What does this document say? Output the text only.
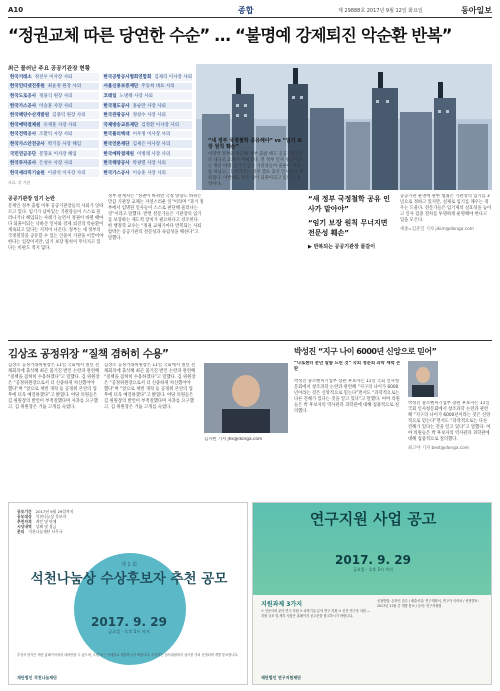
A10	종합	제 29888호 2017년 9월 12일 화요일	동아일보
“정권교체 따른 당연한 수순” … “불명예 강제퇴진 악순환 반복”
최근 물러난 주요 공공기관장 현황
한국거래소 정찬우 이사장 사퇴	한국공항공사협회연합회 김제리 이사장 사퇴
한국인터넷진흥원 최윤정 원장 사의	서울신용보증재단 주동희 대표 사의
한국도로공사 정용식 원장 사의	코레일 노병태 사장 사퇴
한국가스공사 이승훈 사장 사퇴	한국철도공사 홍순만 사장 사퇴
한국해양수산개발원 김종덕 원장 사의	한국관광공사 정창수 사장 사퇴
한국예탁결제원 유재훈 사장 사퇴	국제방송교류재단 김정환 이사장 사의
한국전력공사 조환익 사장 사퇴	한국폴리텍대 이우정 이사장 사의
한국가스안전공사 박기동 사장 해임	한국언론재단 김세은 이사장 사의
국민연금공단 문형표 이사장 해임	한국예탁결제원 이병래 사장 사의
한국투자공사 은성수 사장 사의	한국해양공사 박광렬 사장 사의
한국세라믹기술원 이광석 이사장 사의	한국가스공사 이승훈 사장 사의
자료: 각 기관
공공기관장 임기 논란
문재인 정부 출범 이후 공공기관장들의 사퇴가 잇따르고 있다. 임기가 남아있는 기관장들이 스스로 물러나거나 해임되는 사례가 늘면서 정권이 바뀔 때마다 되풀이되는 낙하산 인사와 강제 퇴진의 악순환이 계속되고 있다는 지적이 나온다. 정부는 새 정부의 국정철학을 공유할 수 있는 인물이 기관을 이끌어야 한다는 입장이지만, 임기 보장 원칙이 무너지고 있다는 비판도 적지 않다.
정부 관계자는 “정권이 바뀌면 국정 방향도 바뀌는 만큼 기관장 교체는 자연스러운 일”이라며 “과거 정부에서 임명된 인사들이 스스로 판단해 물러나는 것”이라고 말했다. 반면 전문가들은 기관장의 임기를 보장하는 제도적 장치가 필요하다고 강조한다. 한 행정학 교수는 “정권 교체기마다 반복되는 사퇴 압박은 공공기관의 전문성과 독립성을 해친다”고 말했다.
“새 정부 국정철학 공유해야” vs “임기 보장 원칙 훼손”
이명박 정부와 박근혜 정부 출범 때도 공공기관장들의 대규모 교체가 이뤄졌다. 전 정부 인사 청산이라는 명분 아래 임기가 남은 기관장들이 줄줄이 자리를 떠났고, 그 빈자리는 대선 캠프 출신 인사들로 채워졌다. 이번에도 같은 일이 되풀이되고 있다는 지적이다.
“새 정부 국정철학 공유 인사가 맡아야”
“임기 보장 원칙 무너지면 전문성 훼손”
▶ 반복되는 공공기관장 물갈이
공공기관 운영에 관한 법률은 기관장의 임기를 3년으로 정하고 있지만, 실제로 임기를 채우는 경우는 드물다. 전문가들은 임기제의 실효성을 높이고 인사 검증 절차를 투명하게 운영해야 한다고 입을 모은다.
세종=김준일 기자 jikim@donga.com
김상조 공정위장 “질책 겸허히 수용”
김상조 공정거래위원장은 11일 국회에서 열린 전체회의에 출석해 최근 불거진 발언 논란과 관련해 “질책을 겸허히 수용하겠다”고 말했다. 김 위원장은 “공정위원장으로서 더 신중하게 처신했어야 했다”며 “앞으로 재벌 개혁 등 공정위 본연의 업무에 더욱 매진하겠다”고 밝혔다. 야당 의원들은 김 위원장의 발언이 부적절했다며 사과를 요구했고, 김 위원장은 거듭 고개를 숙였다.
김상조 공정거래위원장은 11일 국회에서 열린 전체회의에 출석해 최근 불거진 발언 논란과 관련해 “질책을 겸허히 수용하겠다”고 말했다. 김 위원장은 “공정위원장으로서 더 신중하게 처신했어야 했다”며 “앞으로 재벌 개혁 등 공정위 본연의 업무에 더욱 매진하겠다”고 밝혔다. 야당 의원들은 김 위원장의 발언이 부적절했다며 사과를 요구했고, 김 위원장은 거듭 고개를 숙였다.
김지현 기자 jhk@donga.com
박성진 “지구 나이 6000년 신앙으로 믿어”
“나로센터 분만 말씀 드린 것” 국회 청문회 과학 세력 논란
박성진 중소벤처기업부 장관 후보자는 11일 국회 인사청문회에서 창조과학 논란과 관련해 “지구의 나이가 6000년이라는 것은 신앙적으로 믿는다”면서도 “과학적으로는 다른 견해가 있다는 것을 알고 있다”고 말했다. 여야 의원들은 박 후보자의 역사관과 과학관에 대해 집중적으로 질의했다.
박성진 중소벤처기업부 장관 후보자는 11일 국회 인사청문회에서 창조과학 논란과 관련해 “지구의 나이가 6000년이라는 것은 신앙적으로 믿는다”면서도 “과학적으로는 다른 견해가 있다는 것을 알고 있다”고 말했다. 여야 의원들은 박 후보자의 역사관과 과학관에 대해 집중적으로 질의했다.
최고야 기자 best@donga.com
공모기간 2017년 9월 29일까지
공모대상 석천나눔상 후보자
추천자격 개인 및 단체
시상내역 상패 및 상금
문의 석천나눔재단 사무국
제 1 회
석천나눔상 수상후보자 추천 공모
2017. 9. 29
금요일 · 오후 5시 까지
추천서 양식은 재단 홈페이지에서 내려받을 수 있으며, 우편 또는 이메일로 제출하시기 바랍니다. 수상자는 심사위원회의 심사를 거쳐 선정되며 개별 통보합니다.
재단법인 석천나눔재단
연구지원 사업 공고
2017. 9. 29
금요일 · 오후 5시 까지
지원과제 3가지
① 인문사회 분야 연구 지원 ② 과학기술 분야 연구 지원 ③ 신진 연구자 지원 — 지원 규모 및 세부 사항은 홈페이지 공고문을 참고하시기 바랍니다.
신청방법: 온라인 접수 / 제출서류: 연구계획서, 연구자 이력서 / 선정발표: 2017년 11월 중 개별 통보 / 문의: 연구지원팀
재단법인 연구지원재단
